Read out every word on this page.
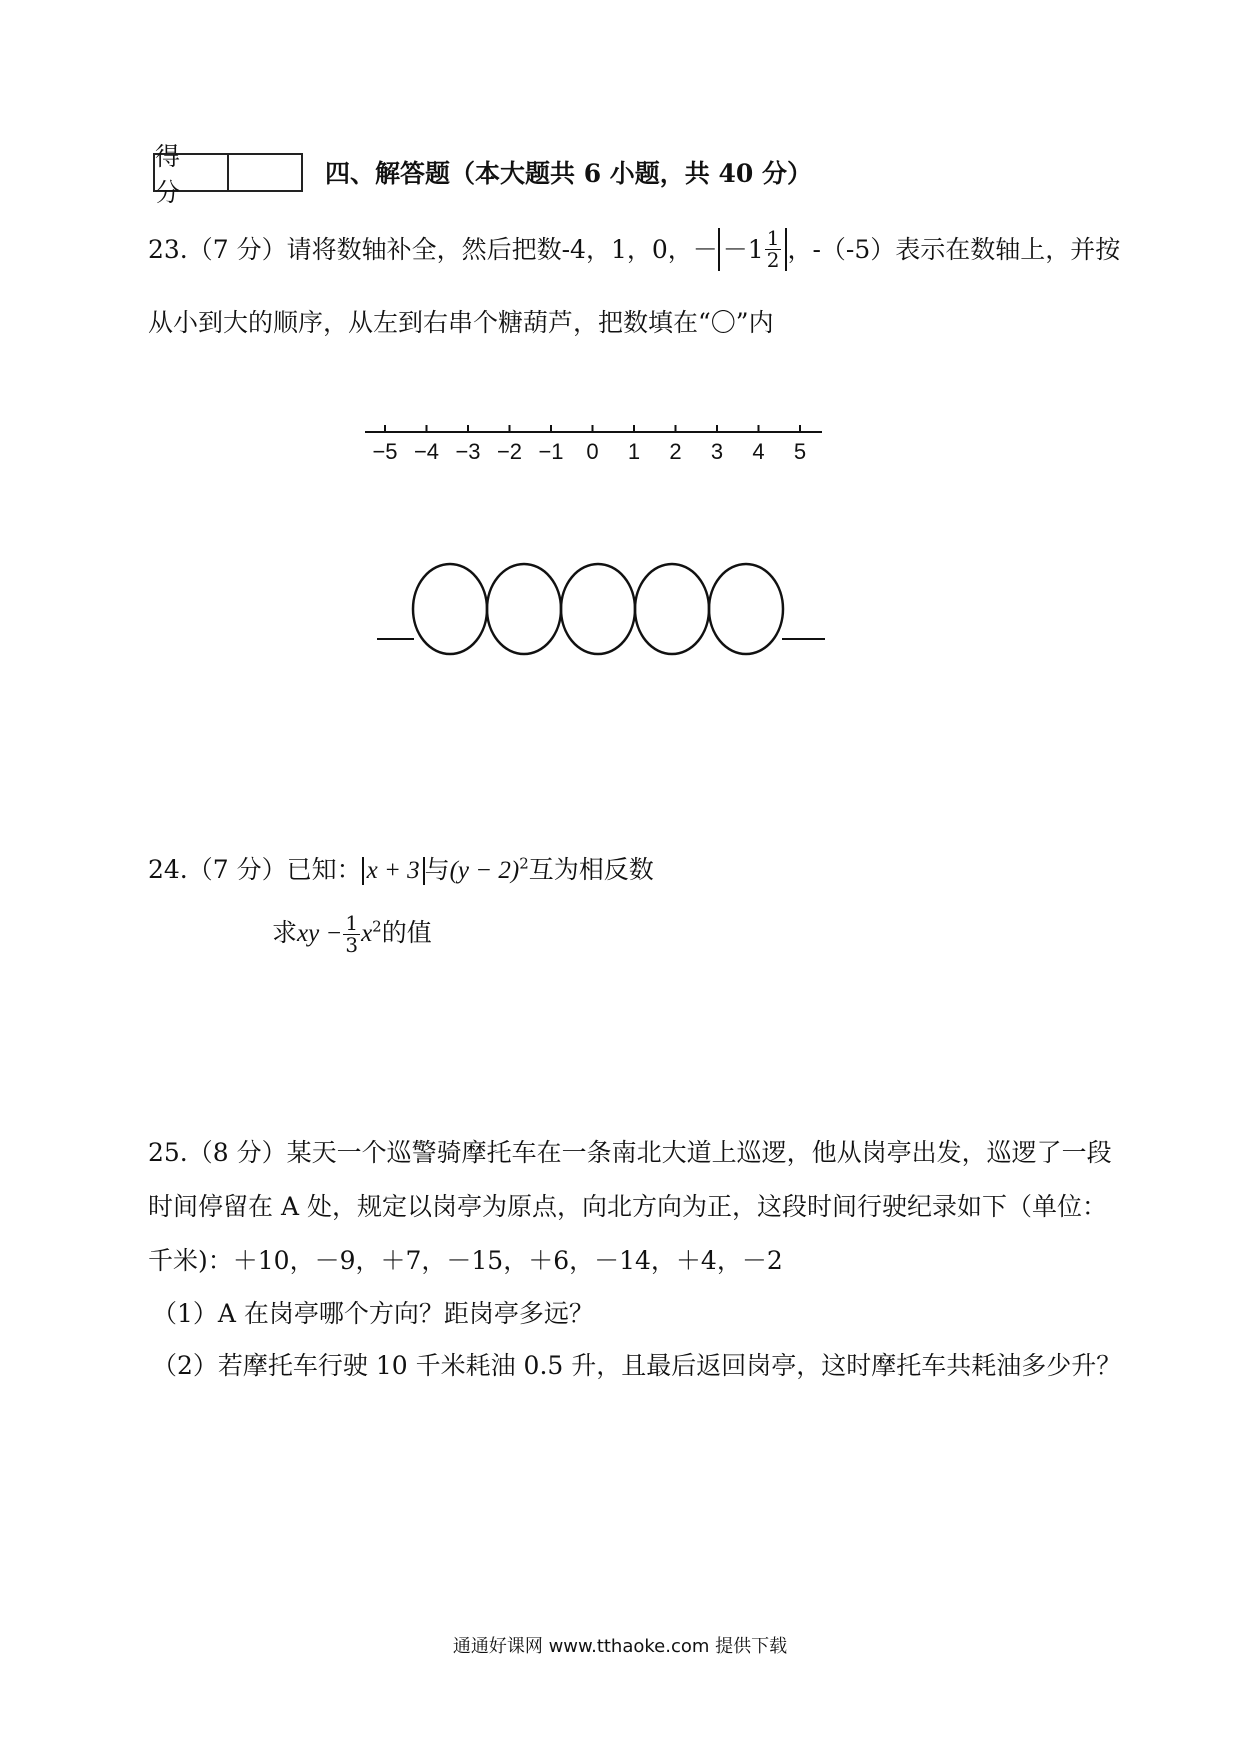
得 分
四、解答题（本大题共 6 小题，共 40 分）
23.（7 分）请将数轴补全，然后把数-4，1，0，－ $-1 \frac{1}{2}$ ，-（-5）表示在数轴上，并按
从小到大的顺序，从左到右串个糖葫芦，把数填在“〇”内
−5 −4 −3 −2 −1 0 1 2 3 4 5
24.（7 分）已知： x + 3 与$(y - 2)^2$互为相反数
求xy − $\frac{1}{3} x^2$的值
25.（8 分）某天一个巡警骑摩托车在一条南北大道上巡逻，他从岗亭出发，巡逻了一段
时间停留在 A 处，规定以岗亭为原点，向北方向为正，这段时间行驶纪录如下（单位：
千米)：＋10，－9，＋7，－15，＋6，－14，＋4，－2
（1）A 在岗亭哪个方向？距岗亭多远？
（2）若摩托车行驶 10 千米耗油 0.5 升，且最后返回岗亭，这时摩托车共耗油多少升？
通通好课网 www.tthaoke.com 提供下载
